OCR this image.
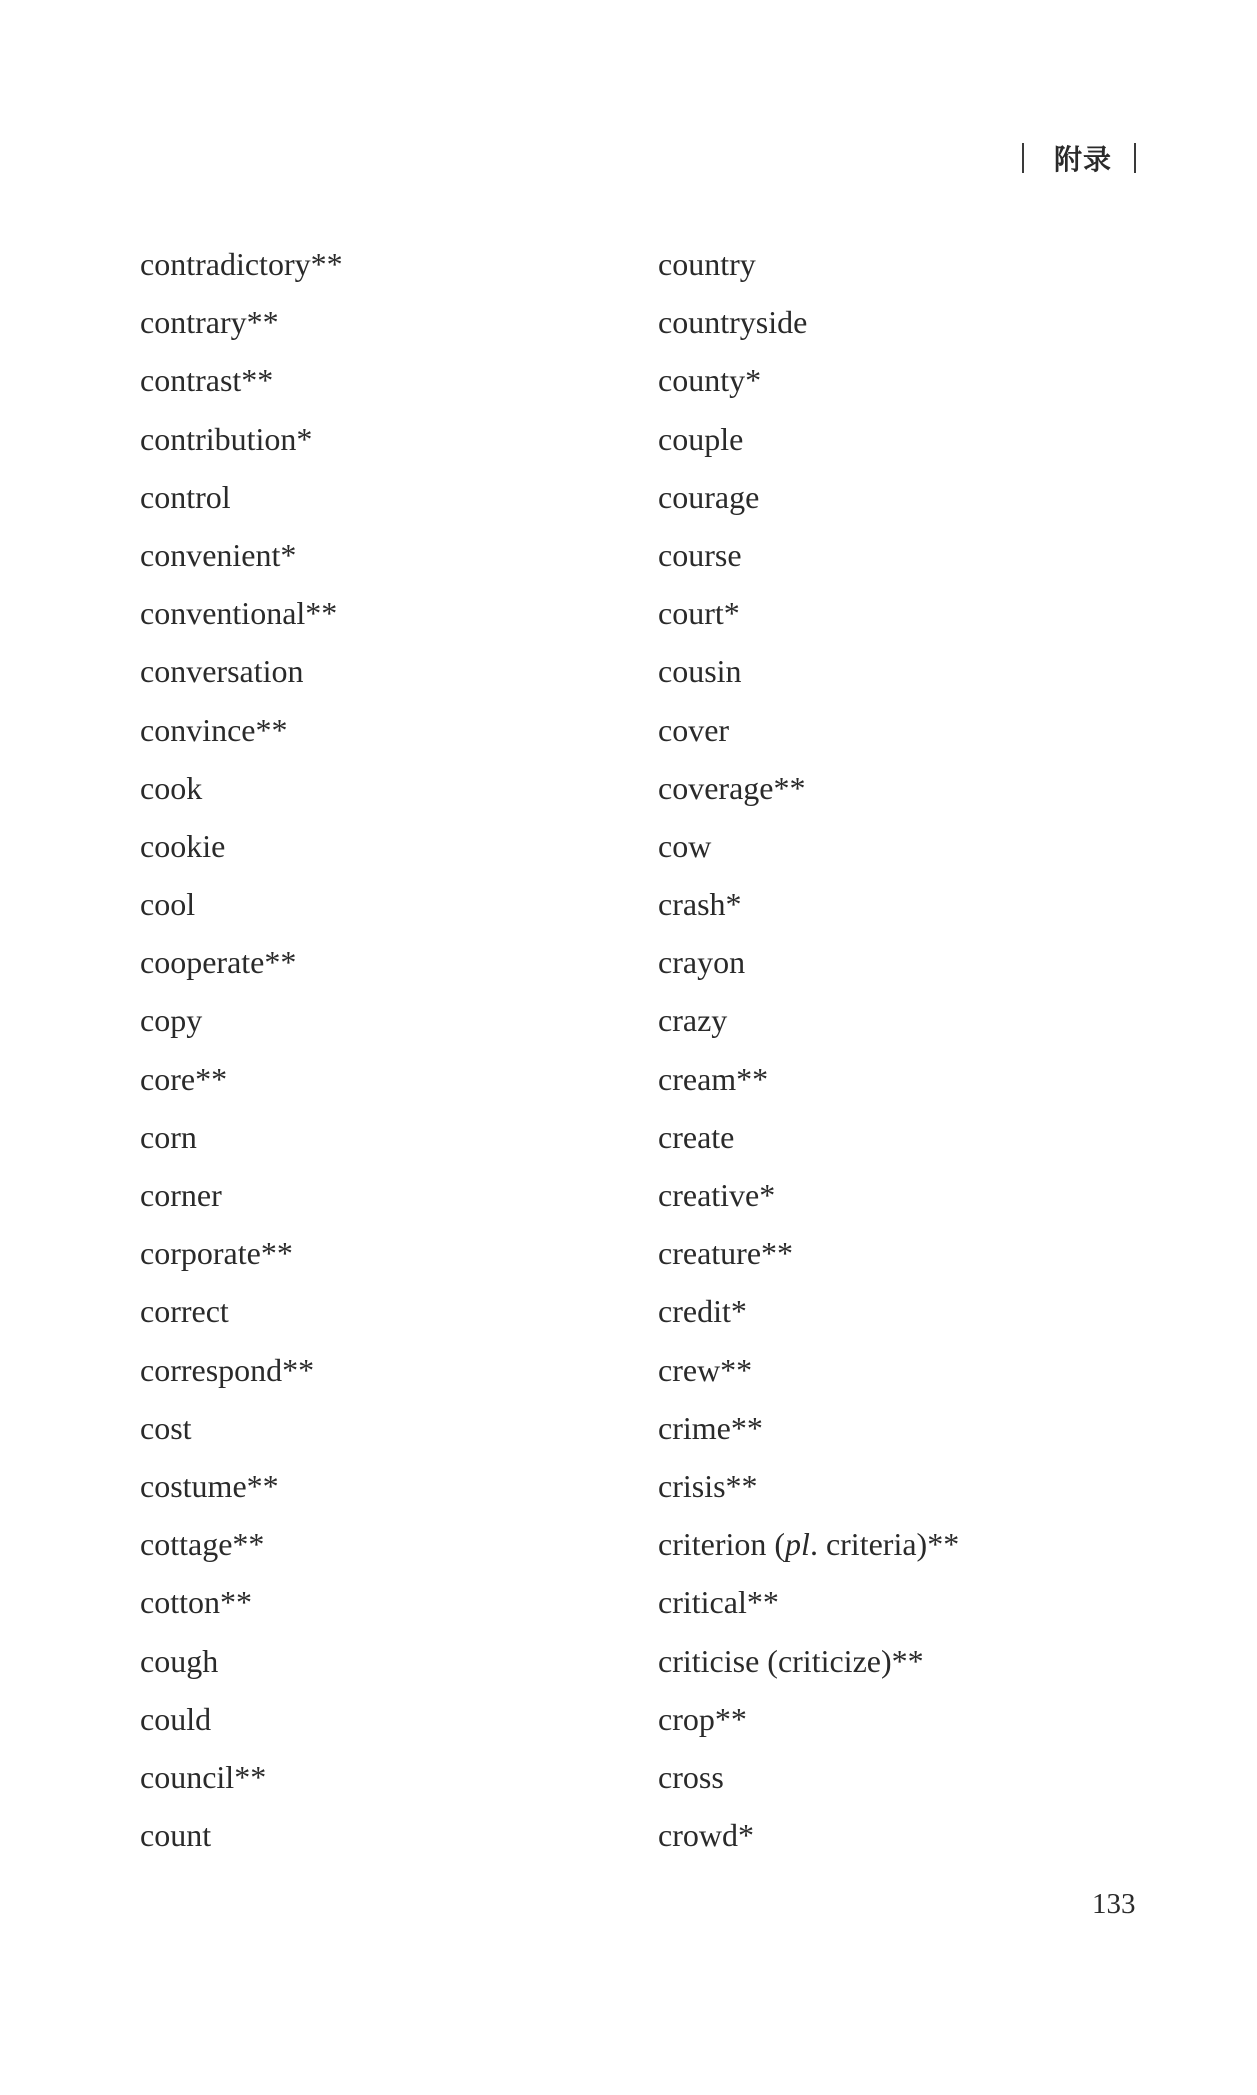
附录
contradictory**
contrary**
contrast**
contribution*
control
convenient*
conventional**
conversation
convince**
cook
cookie
cool
cooperate**
copy
core**
corn
corner
corporate**
correct
correspond**
cost
costume**
cottage**
cotton**
cough
could
council**
count
country
countryside
county*
couple
courage
course
court*
cousin
cover
coverage**
cow
crash*
crayon
crazy
cream**
create
creative*
creature**
credit*
crew**
crime**
crisis**
criterion (pl. criteria)**
critical**
criticise (criticize)**
crop**
cross
crowd*
133
